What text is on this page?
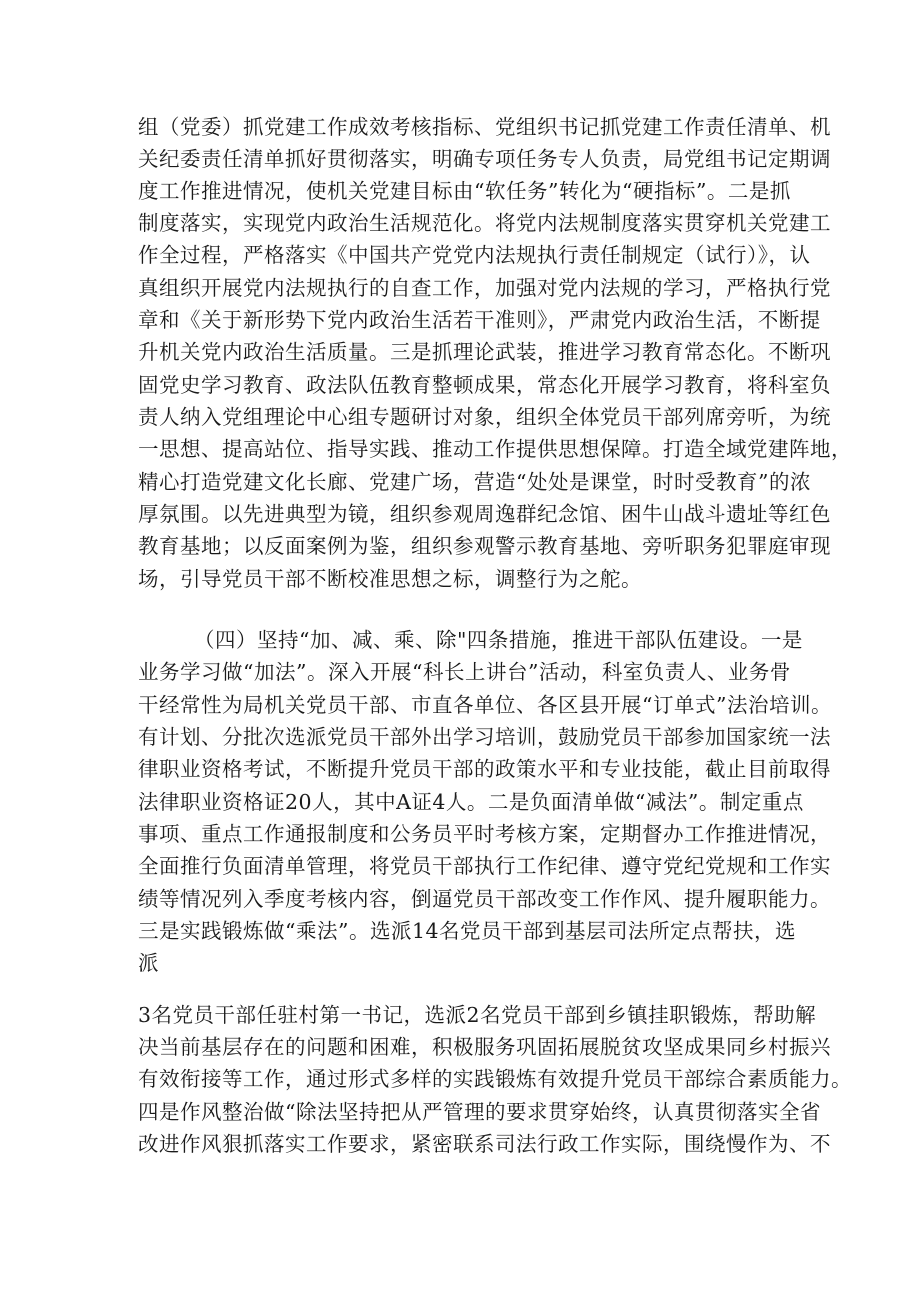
组（党委）抓党建工作成效考核指标、党组织书记抓党建工作责任清单、机
关纪委责任清单抓好贯彻落实，明确专项任务专人负责，局党组书记定期调
度工作推进情况，使机关党建目标由“软任务”转化为“硬指标”。二是抓
制度落实，实现党内政治生活规范化。将党内法规制度落实贯穿机关党建工
作全过程，严格落实《中国共产党党内法规执行责任制规定（试行）》，认
真组织开展党内法规执行的自查工作，加强对党内法规的学习，严格执行党
章和《关于新形势下党内政治生活若干准则》，严肃党内政治生活，不断提
升机关党内政治生活质量。三是抓理论武装，推进学习教育常态化。不断巩
固党史学习教育、政法队伍教育整顿成果，常态化开展学习教育，将科室负
责人纳入党组理论中心组专题研讨对象，组织全体党员干部列席旁听，为统
一思想、提高站位、指导实践、推动工作提供思想保障。打造全域党建阵地，
精心打造党建文化长廊、党建广场，营造“处处是课堂，时时受教育”的浓
厚氛围。以先进典型为镜，组织参观周逸群纪念馆、困牛山战斗遗址等红色
教育基地；以反面案例为鉴，组织参观警示教育基地、旁听职务犯罪庭审现
场，引导党员干部不断校准思想之标，调整行为之舵。
（四）坚持“加、减、乘、除"四条措施，推进干部队伍建设。一是
业务学习做“加法”。深入开展“科长上讲台”活动，科室负责人、业务骨
干经常性为局机关党员干部、市直各单位、各区县开展“订单式”法治培训。
有计划、分批次选派党员干部外出学习培训，鼓励党员干部参加国家统一法
律职业资格考试，不断提升党员干部的政策水平和专业技能，截止目前取得
法律职业资格证20人，其中A证4人。二是负面清单做“减法”。制定重点
事项、重点工作通报制度和公务员平时考核方案，定期督办工作推进情况，
全面推行负面清单管理，将党员干部执行工作纪律、遵守党纪党规和工作实
绩等情况列入季度考核内容，倒逼党员干部改变工作作风、提升履职能力。
三是实践锻炼做“乘法”。选派14名党员干部到基层司法所定点帮扶，选
派
3名党员干部任驻村第一书记，选派2名党员干部到乡镇挂职锻炼，帮助解
决当前基层存在的问题和困难，积极服务巩固拓展脱贫攻坚成果同乡村振兴
有效衔接等工作，通过形式多样的实践锻炼有效提升党员干部综合素质能力。
四是作风整治做“除法坚持把从严管理的要求贯穿始终，认真贯彻落实全省
改进作风狠抓落实工作要求，紧密联系司法行政工作实际，围绕慢作为、不
